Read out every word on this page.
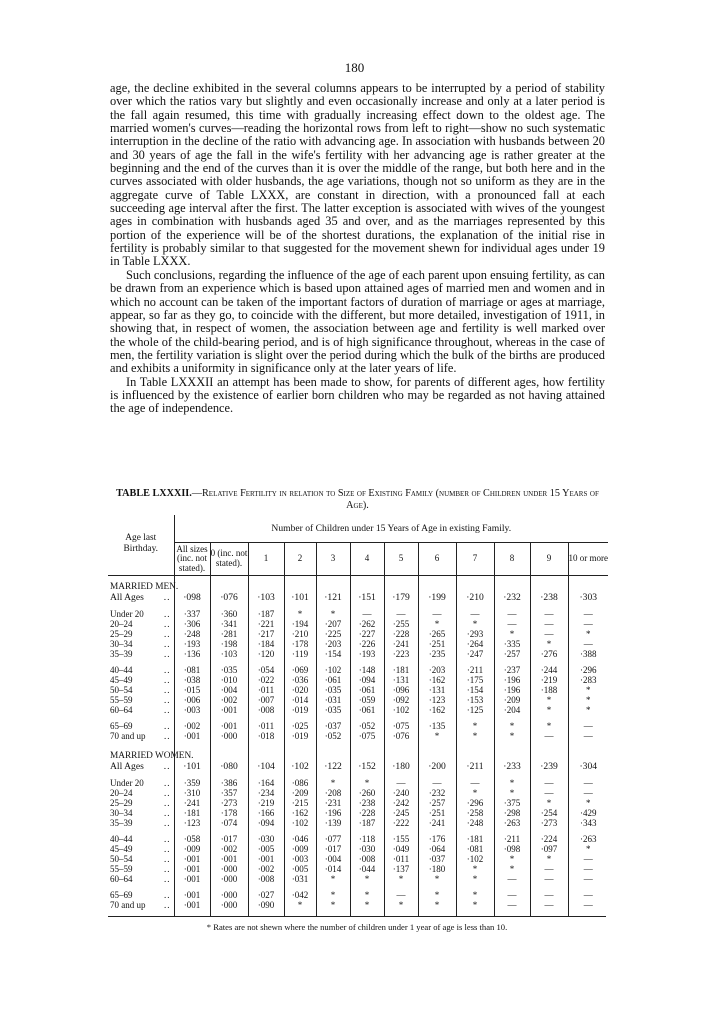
180

age, the decline exhibited in the several columns appears to be interrupted by a period of stability over which the ratios vary but slightly and even occasionally increase and only at a later period is the fall again resumed, this time with gradually increasing effect down to the oldest age. The married women's curves—reading the horizontal rows from left to right—show no such systematic interruption in the decline of the ratio with advancing age. In association with husbands between 20 and 30 years of age the fall in the wife's fertility with her advancing age is rather greater at the beginning and the end of the curves than it is over the middle of the range, but both here and in the curves associated with older husbands, the age variations, though not so uniform as they are in the aggregate curve of Table LXXX, are constant in direction, with a pronounced fall at each succeeding age interval after the first. The latter exception is associated with wives of the youngest ages in combination with husbands aged 35 and over, and as the marriages represented by this portion of the experience will be of the shortest durations, the explanation of the initial rise in fertility is probably similar to that suggested for the movement shewn for individual ages under 19 in Table LXXX.

Such conclusions, regarding the influence of the age of each parent upon ensuing fertility, as can be drawn from an experience which is based upon attained ages of married men and women and in which no account can be taken of the important factors of duration of marriage or ages at marriage, appear, so far as they go, to coincide with the different, but more detailed, investigation of 1911, in showing that, in respect of women, the association between age and fertility is well marked over the whole of the child-bearing period, and is of high significance throughout, whereas in the case of men, the fertility variation is slight over the period during which the bulk of the births are produced and exhibits a uniformity in significance only at the later years of life.

In Table LXXXII an attempt has been made to show, for parents of different ages, how fertility is influenced by the existence of earlier born children who may be regarded as not having attained the age of independence.

TABLE LXXXII.—Relative Fertility in relation to Size of Existing Family (number of Children under 15 Years of Age).
Age last Birthday.	Number of Children under 15 Years of Age in existing Family.											
	All sizes (inc. not stated).	0 (inc. not stated).	1	2	3	4	5	6	7	8	9	10 or more

MARRIED MEN.												
All Ages ..	·098	·076	·103	·101	·121	·151	·179	·199	·210	·232	·238	·303

Under 20 ..	·337	·360	·187	*	*	—	—	—	—	—	—	—
20–24 ..	·306	·341	·221	·194	·207	·262	·255	*	*	—	—	—
25–29 ..	·248	·281	·217	·210	·225	·227	·228	·265	·293	*	—	*
30–34 ..	·193	·198	·184	·178	·203	·226	·241	·251	·264	·335	*	—
35–39 ..	·136	·103	·120	·119	·154	·193	·223	·235	·247	·257	·276	·388

40–44 ..	·081	·035	·054	·069	·102	·148	·181	·203	·211	·237	·244	·296
45–49 ..	·038	·010	·022	·036	·061	·094	·131	·162	·175	·196	·219	·283
50–54 ..	·015	·004	·011	·020	·035	·061	·096	·131	·154	·196	·188	*
55–59 ..	·006	·002	·007	·014	·031	·059	·092	·123	·153	·209	*	*
60–64 ..	·003	·001	·008	·019	·035	·061	·102	·162	·125	·204	*	*

65–69 ..	·002	·001	·011	·025	·037	·052	·075	·135	*	*	*	—
70 and up ..	·001	·000	·018	·019	·052	·075	·076	*	*	*	—	—

MARRIED WOMEN.												
All Ages ..	·101	·080	·104	·102	·122	·152	·180	·200	·211	·233	·239	·304

Under 20 ..	·359	·386	·164	·086	*	*	—	—	—	*	—	—
20–24 ..	·310	·357	·234	·209	·208	·260	·240	·232	*	*	—	—
25–29 ..	·241	·273	·219	·215	·231	·238	·242	·257	·296	·375	*	*
30–34 ..	·181	·178	·166	·162	·196	·228	·245	·251	·258	·298	·254	·429
35–39 ..	·123	·074	·094	·102	·139	·187	·222	·241	·248	·263	·273	·343

40–44 ..	·058	·017	·030	·046	·077	·118	·155	·176	·181	·211	·224	·263
45–49 ..	·009	·002	·005	·009	·017	·030	·049	·064	·081	·098	·097	*
50–54 ..	·001	·001	·001	·003	·004	·008	·011	·037	·102	*	*	—
55–59 ..	·001	·000	·002	·005	·014	·044	·137	·180	*	*	—	—
60–64 ..	·001	·000	·008	·031	*	*	*	*	*	—	—	—

65–69 ..	·001	·000	·027	·042	*	*	—	*	*	—	—	—
70 and up ..	·001	·000	·090	*	*	*	*	*	*	—	—	—

* Rates are not shewn where the number of children under 1 year of age is less than 10.
